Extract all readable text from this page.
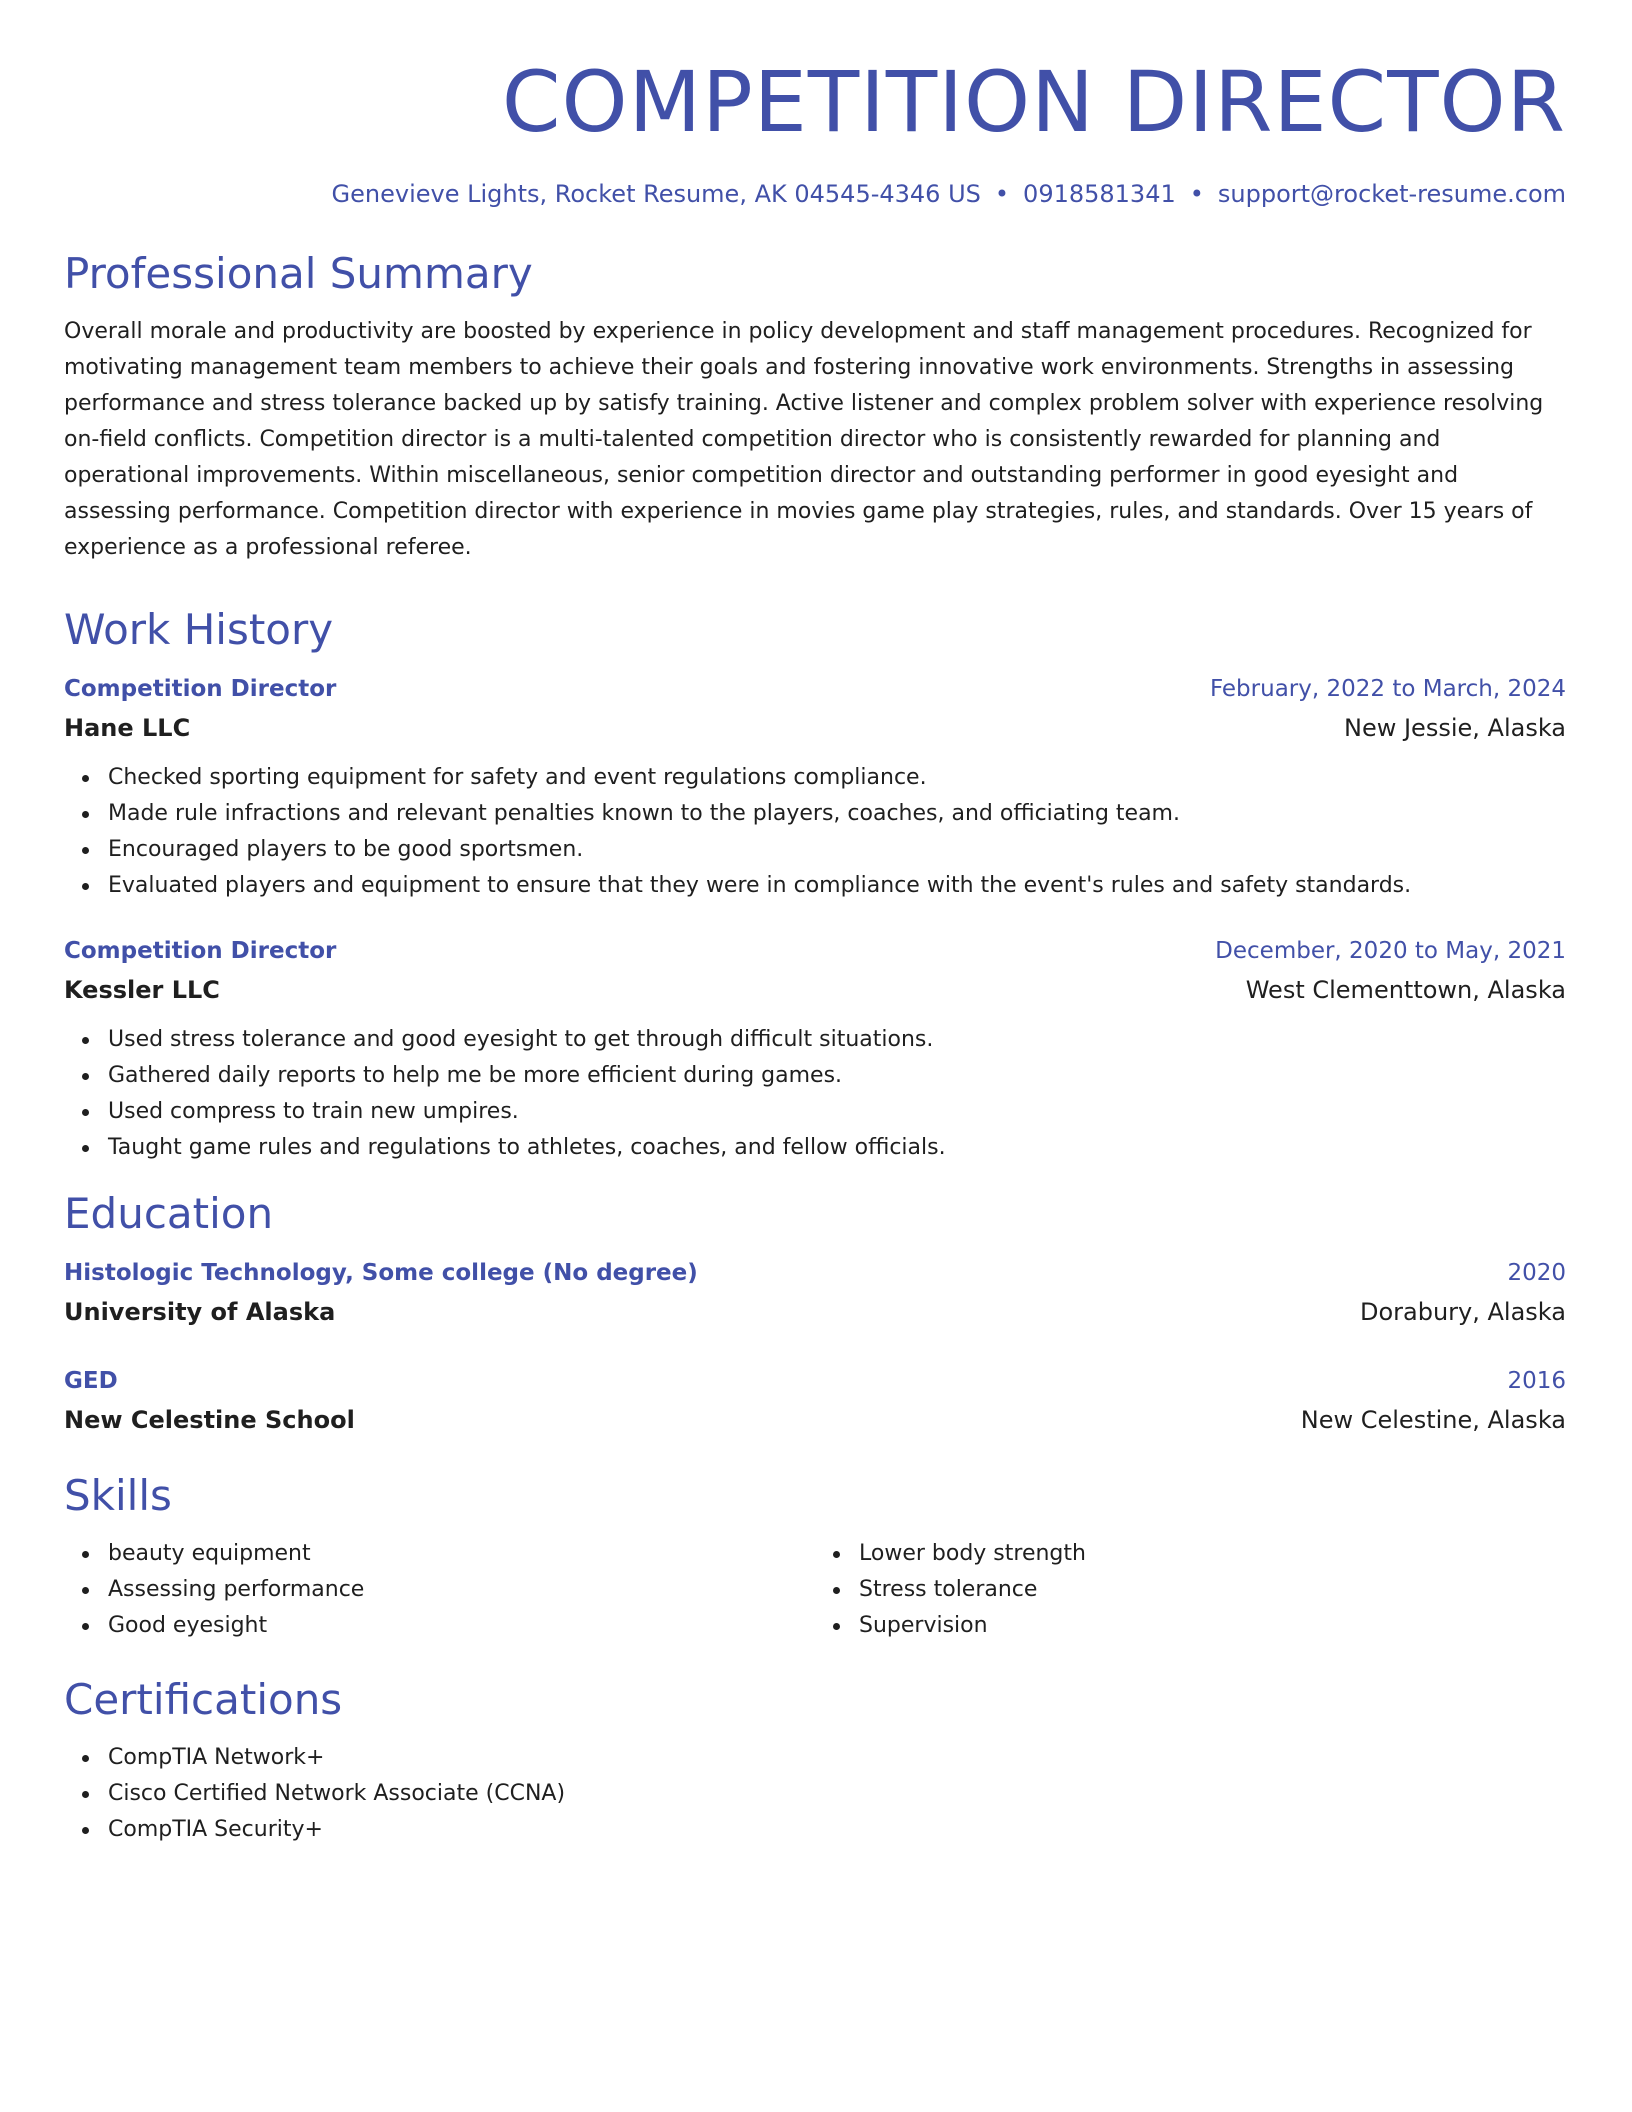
COMPETITION DIRECTOR
Genevieve Lights, Rocket Resume, AK 04545-4346 US • 0918581341 • support@rocket-resume.com
Professional Summary

Overall morale and productivity are boosted by experience in policy development and staff management procedures. Recognized for motivating management team members to achieve their goals and fostering innovative work environments. Strengths in assessing performance and stress tolerance backed up by satisfy training. Active listener and complex problem solver with experience resolving on-field conflicts. Competition director is a multi-talented competition director who is consistently rewarded for planning and operational improvements. Within miscellaneous, senior competition director and outstanding performer in good eyesight and assessing performance. Competition director with experience in movies game play strategies, rules, and standards. Over 15 years of experience as a professional referee.

Work History
Competition Director	February, 2022 to March, 2024
Hane LLC	New Jessie, Alaska
Checked sporting equipment for safety and event regulations compliance.
Made rule infractions and relevant penalties known to the players, coaches, and officiating team.
Encouraged players to be good sportsmen.
Evaluated players and equipment to ensure that they were in compliance with the event's rules and safety standards.
Competition Director	December, 2020 to May, 2021
Kessler LLC	West Clementtown, Alaska
Used stress tolerance and good eyesight to get through difficult situations.
Gathered daily reports to help me be more efficient during games.
Used compress to train new umpires.
Taught game rules and regulations to athletes, coaches, and fellow officials.
Education
Histologic Technology, Some college (No degree)	2020
University of Alaska	Dorabury, Alaska
GED	2016
New Celestine School	New Celestine, Alaska
Skills
beauty equipment
Assessing performance
Good eyesight
Lower body strength
Stress tolerance
Supervision
Certifications
CompTIA Network+
Cisco Certified Network Associate (CCNA)
CompTIA Security+
